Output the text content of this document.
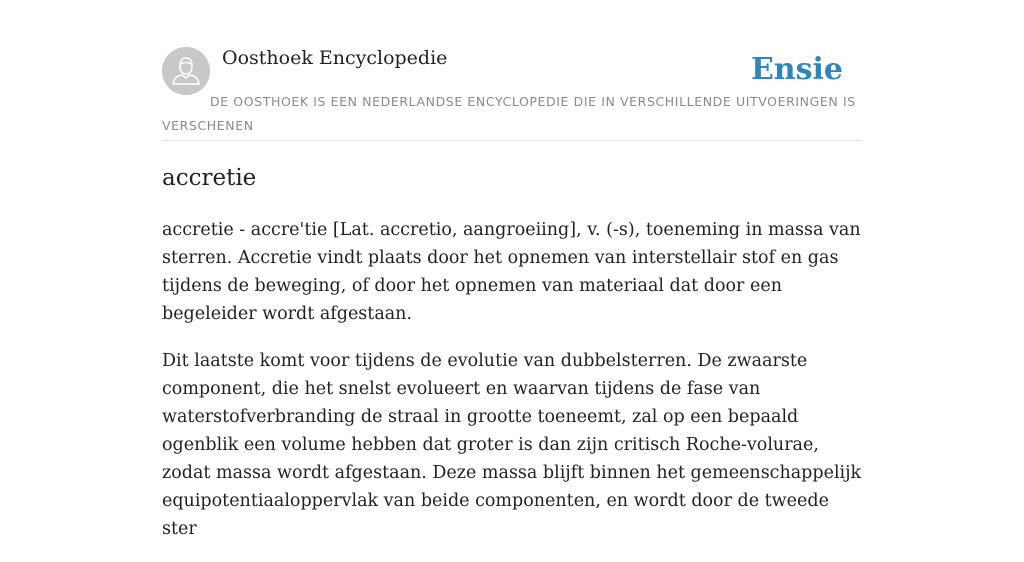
Oosthoek Encyclopedie	Ensie
DE OOSTHOEK IS EEN NEDERLANDSE ENCYCLOPEDIE DIE IN VERSCHILLENDE UITVOERINGEN IS VERSCHENEN
accretie

accretie - accre'tie [Lat. accretio, aangroeiing], v. (-s), toeneming in massa van sterren. Accretie vindt plaats door het opnemen van interstellair stof en gas tijdens de beweging, of door het opnemen van materiaal dat door een begeleider wordt afgestaan.

Dit laatste komt voor tijdens de evolutie van dubbelsterren. De zwaarste component, die het snelst evolueert en waarvan tijdens de fase van waterstofverbranding de straal in grootte toeneemt, zal op een bepaald ogenblik een volume hebben dat groter is dan zijn critisch Roche-volurae, zodat massa wordt afgestaan. Deze massa blijft binnen het gemeenschappelijk equipotentiaaloppervlak van beide componenten, en wordt door de tweede ster
